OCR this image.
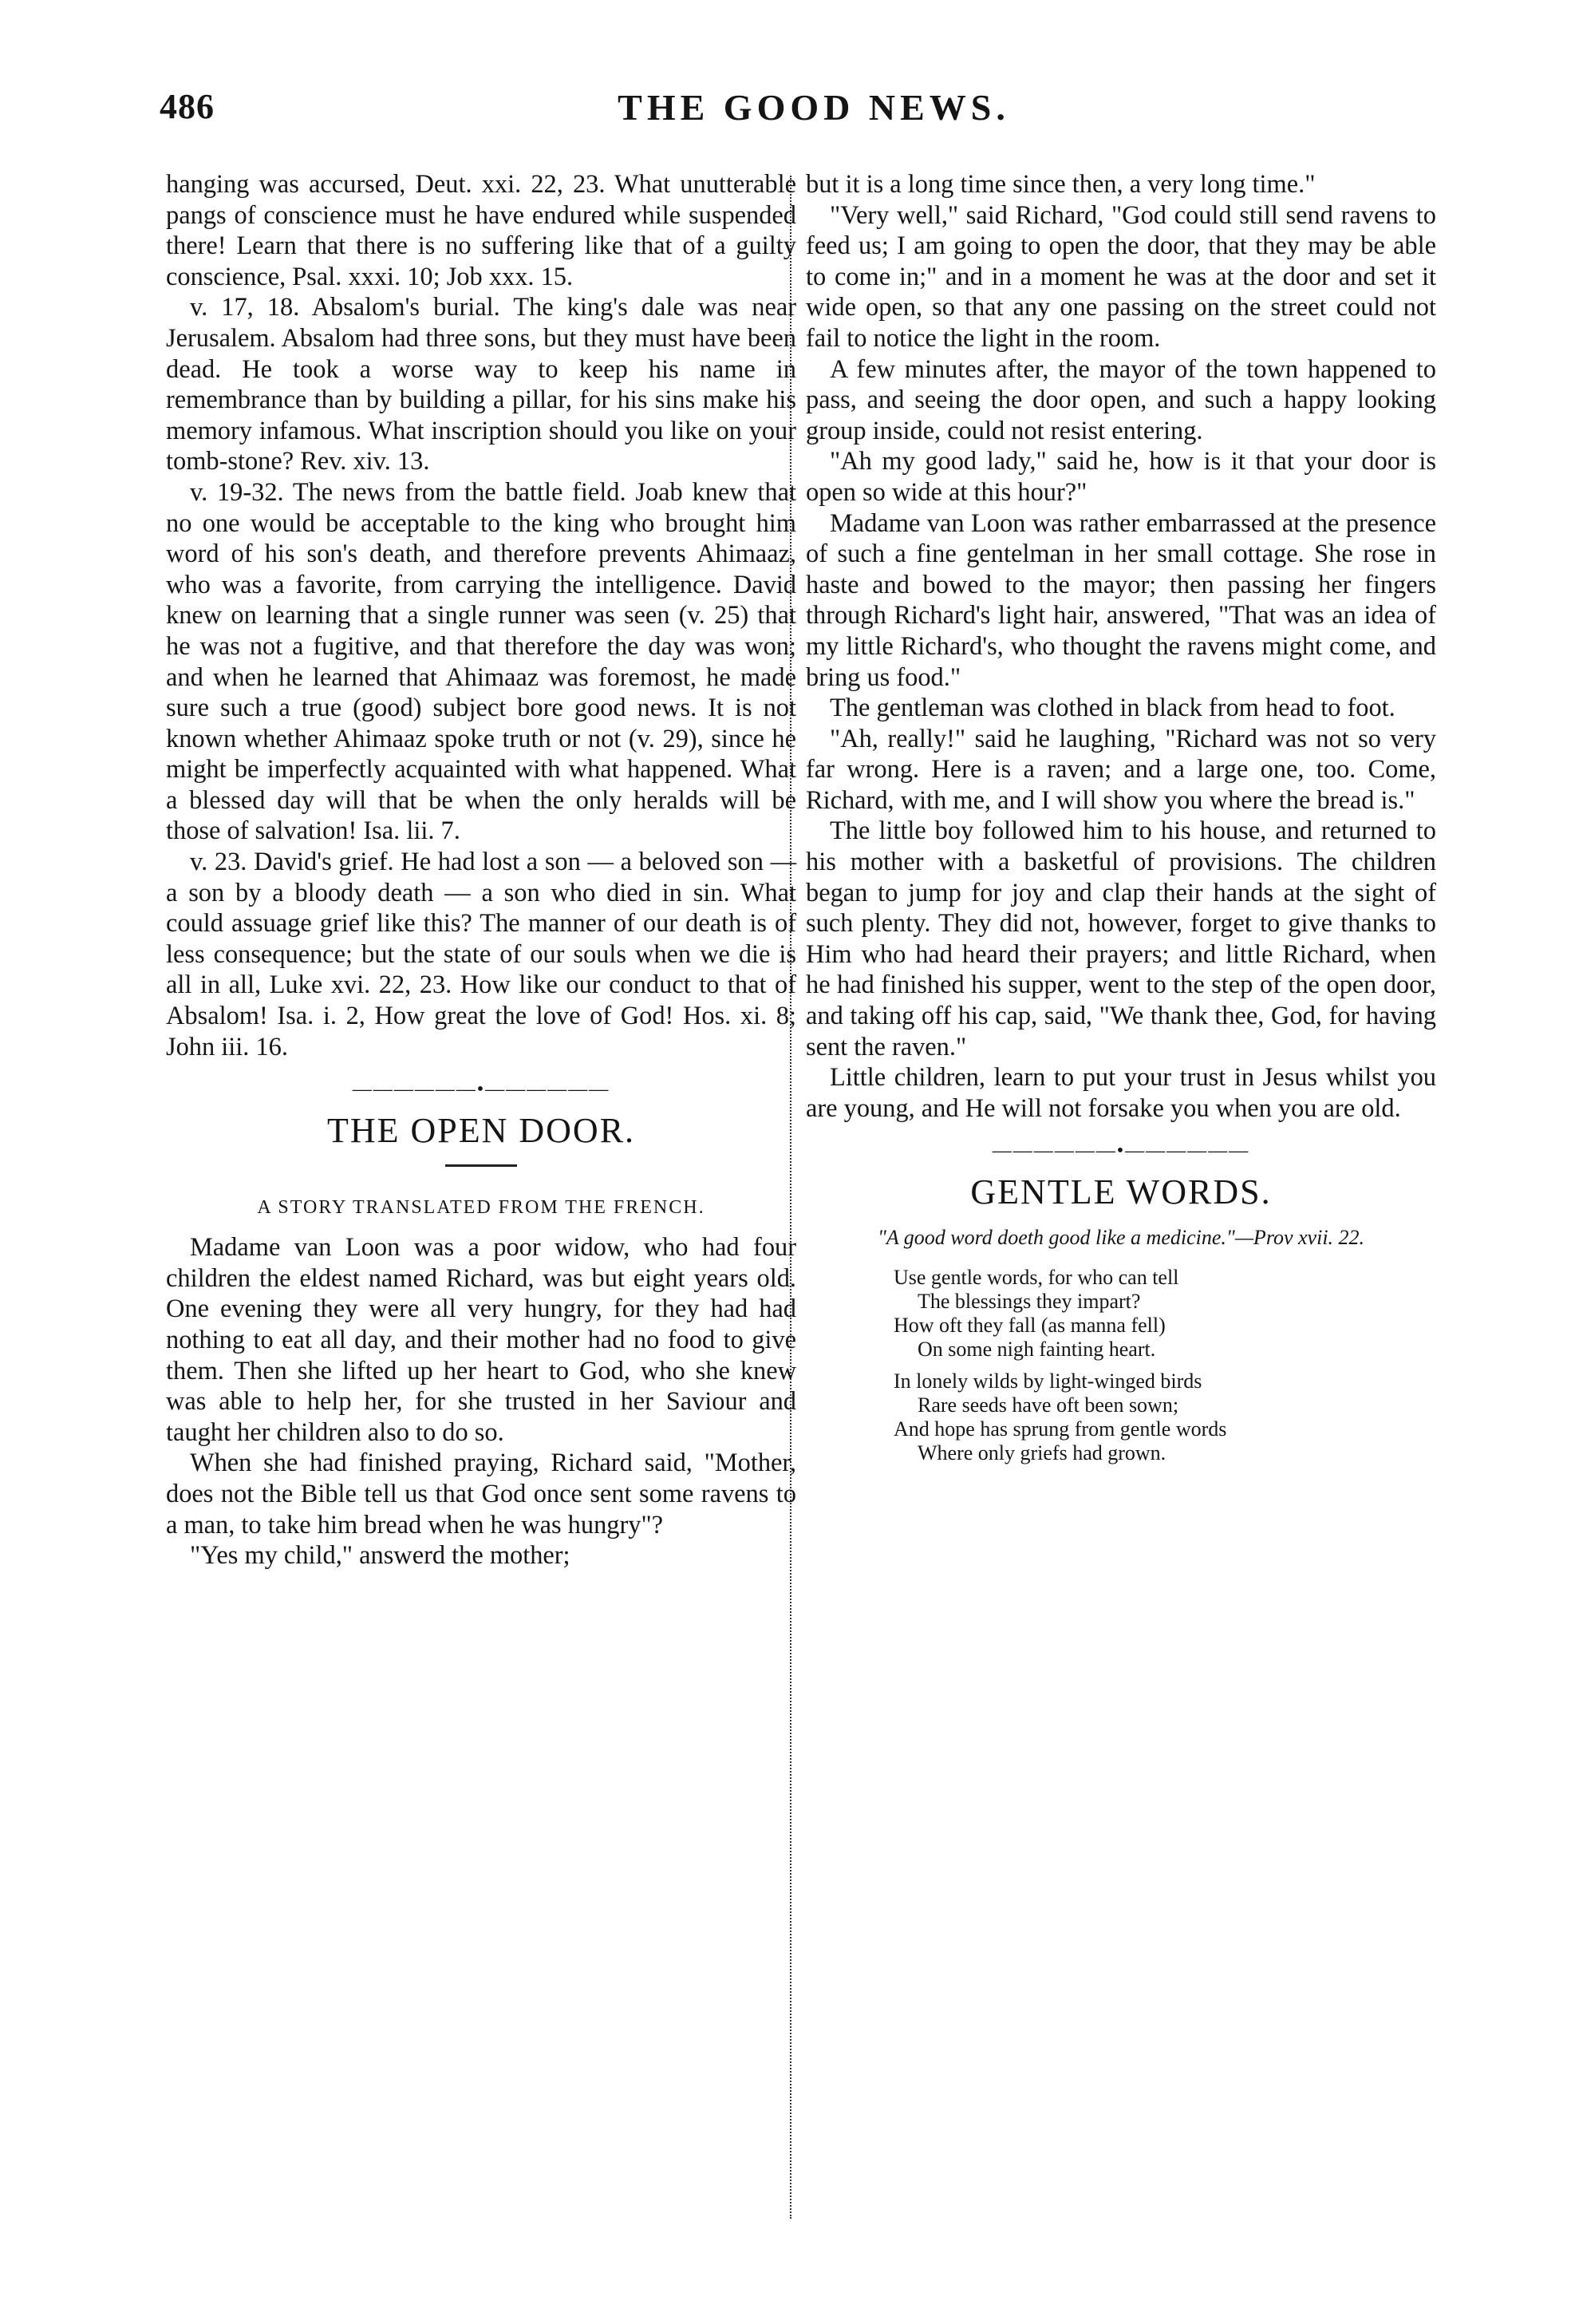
486	THE GOOD NEWS.

hanging was accursed, Deut. xxi. 22, 23. What unutterable pangs of conscience must he have endured while suspended there! Learn that there is no suffering like that of a guilty conscience, Psal. xxxi. 10; Job xxx. 15.

v. 17, 18. Absalom's burial. The king's dale was near Jerusalem. Absalom had three sons, but they must have been dead. He took a worse way to keep his name in remembrance than by building a pillar, for his sins make his memory infamous. What inscription should you like on your tomb-stone? Rev. xiv. 13.

v. 19-32. The news from the battle field. Joab knew that no one would be acceptable to the king who brought him word of his son's death, and therefore prevents Ahimaaz, who was a favorite, from carrying the intelligence. David knew on learning that a single runner was seen (v. 25) that he was not a fugitive, and that therefore the day was won; and when he learned that Ahimaaz was foremost, he made sure such a true (good) subject bore good news. It is not known whether Ahimaaz spoke truth or not (v. 29), since he might be imperfectly acquainted with what happened. What a blessed day will that be when the only heralds will be those of salvation! Isa. lii. 7.

v. 23. David's grief. He had lost a son — a beloved son — a son by a bloody death — a son who died in sin. What could assuage grief like this? The manner of our death is of less consequence; but the state of our souls when we die is all in all, Luke xvi. 22, 23. How like our conduct to that of Absalom! Isa. i. 2, How great the love of God! Hos. xi. 8; John iii. 16.

——————•——————
THE OPEN DOOR.
A STORY TRANSLATED FROM THE FRENCH.

Madame van Loon was a poor widow, who had four children the eldest named Richard, was but eight years old. One evening they were all very hungry, for they had had nothing to eat all day, and their mother had no food to give them. Then she lifted up her heart to God, who she knew was able to help her, for she trusted in her Saviour and taught her children also to do so.

When she had finished praying, Richard said, "Mother, does not the Bible tell us that God once sent some ravens to a man, to take him bread when he was hungry"?

"Yes my child," answerd the mother;

but it is a long time since then, a very long time."

"Very well," said Richard, "God could still send ravens to feed us; I am going to open the door, that they may be able to come in;" and in a moment he was at the door and set it wide open, so that any one passing on the street could not fail to notice the light in the room.

A few minutes after, the mayor of the town happened to pass, and seeing the door open, and such a happy looking group inside, could not resist entering.

"Ah my good lady," said he, how is it that your door is open so wide at this hour?"

Madame van Loon was rather embarrassed at the presence of such a fine gentelman in her small cottage. She rose in haste and bowed to the mayor; then passing her fingers through Richard's light hair, answered, "That was an idea of my little Richard's, who thought the ravens might come, and bring us food."

The gentleman was clothed in black from head to foot.

"Ah, really!" said he laughing, "Richard was not so very far wrong. Here is a raven; and a large one, too. Come, Richard, with me, and I will show you where the bread is."

The little boy followed him to his house, and returned to his mother with a basketful of provisions. The children began to jump for joy and clap their hands at the sight of such plenty. They did not, however, forget to give thanks to Him who had heard their prayers; and little Richard, when he had finished his supper, went to the step of the open door, and taking off his cap, said, "We thank thee, God, for having sent the raven."

Little children, learn to put your trust in Jesus whilst you are young, and He will not forsake you when you are old.

——————•——————
GENTLE WORDS.
"A good word doeth good like a medicine."—Prov xvii. 22.

Use gentle words, for who can tell

The blessings they impart?

How oft they fall (as manna fell)

On some nigh fainting heart.

In lonely wilds by light-winged birds

Rare seeds have oft been sown;

And hope has sprung from gentle words

Where only griefs had grown.
